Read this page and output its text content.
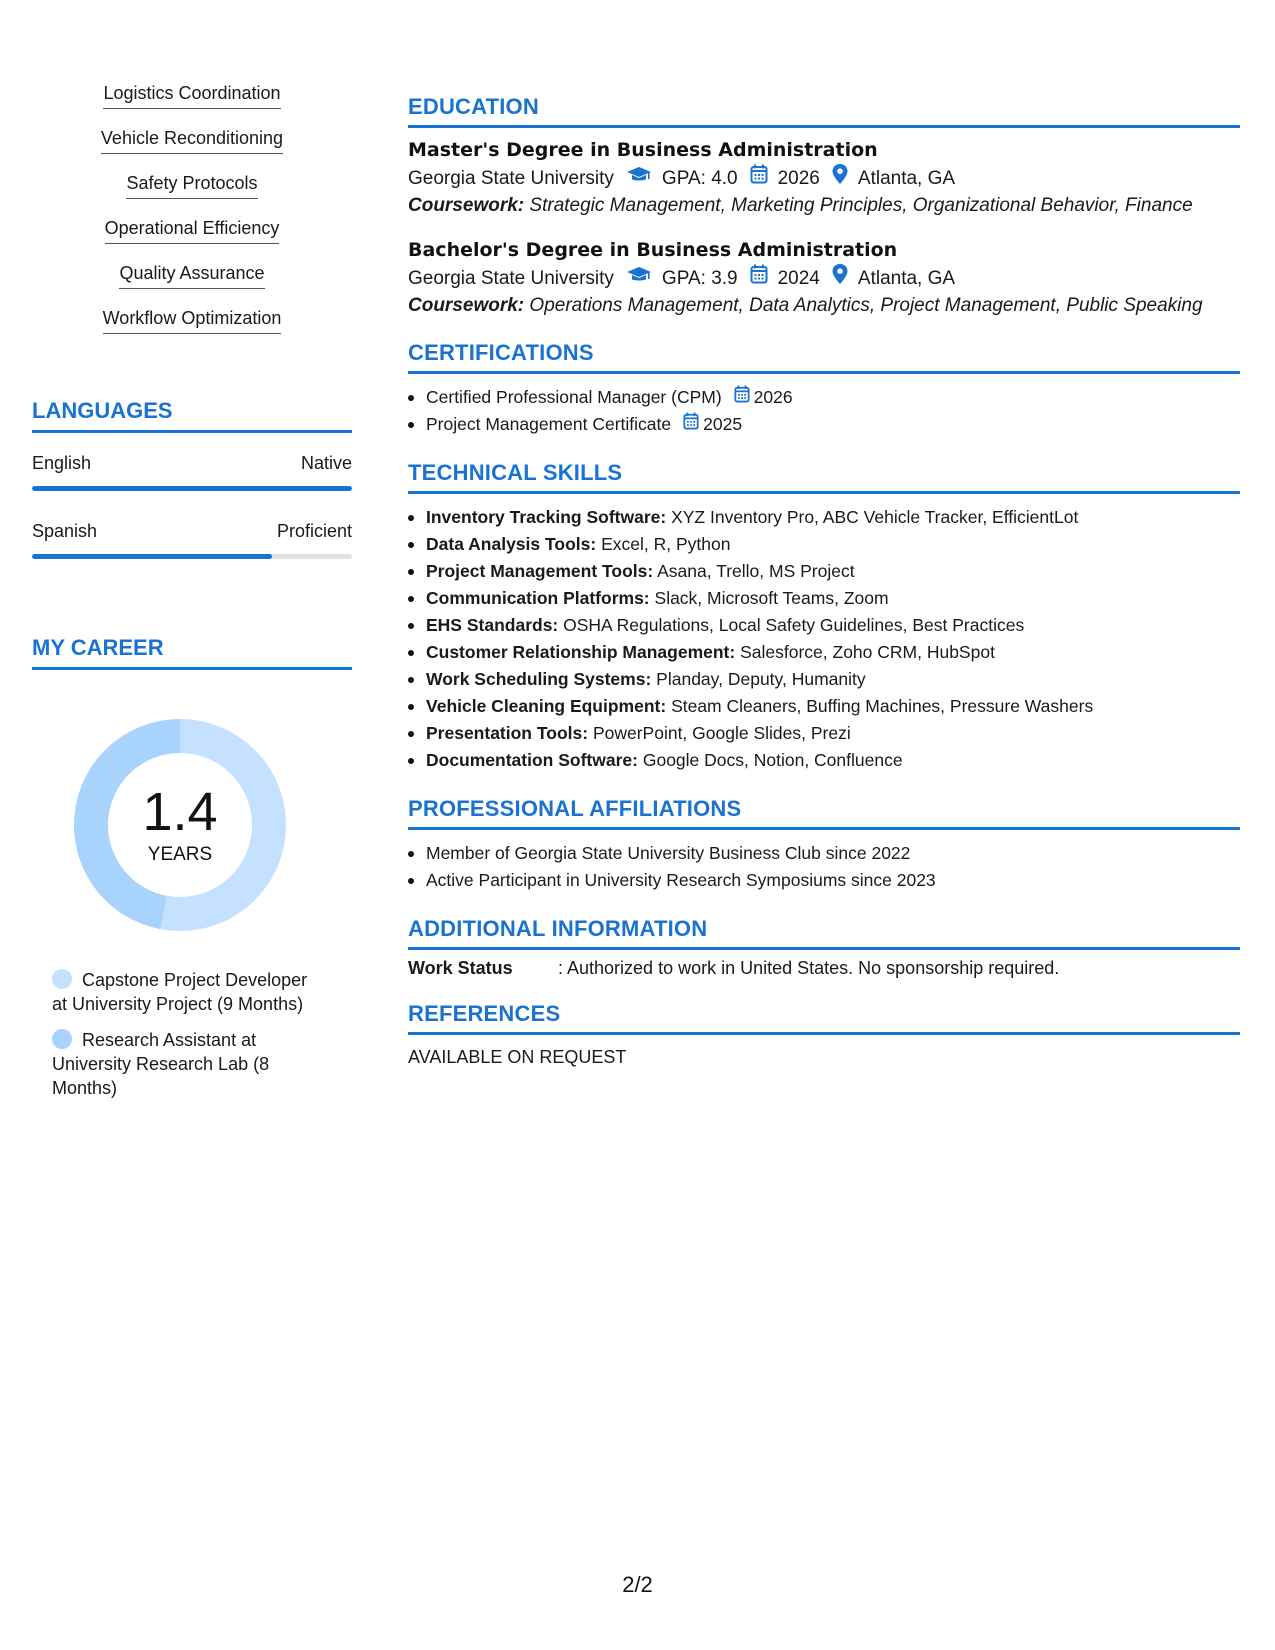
Logistics Coordination
Vehicle Reconditioning
Safety Protocols
Operational Efficiency
Quality Assurance
Workflow Optimization
LANGUAGES
English	Native
Spanish	Proficient
MY CAREER
1.4
YEARS
Capstone Project Developer at University Project (9 Months)
Research Assistant at University Research Lab (8 Months)
EDUCATION
Master's Degree in Business Administration
Georgia State University	GPA: 4.0 2026 Atlanta, GA
Coursework: Strategic Management, Marketing Principles, Organizational Behavior, Finance
Bachelor's Degree in Business Administration
Georgia State University	GPA: 3.9 2024 Atlanta, GA
Coursework: Operations Management, Data Analytics, Project Management, Public Speaking
CERTIFICATIONS
Certified Professional Manager (CPM) 2026
Project Management Certificate 2025
TECHNICAL SKILLS
Inventory Tracking Software: XYZ Inventory Pro, ABC Vehicle Tracker, EfficientLot
Data Analysis Tools: Excel, R, Python
Project Management Tools: Asana, Trello, MS Project
Communication Platforms: Slack, Microsoft Teams, Zoom
EHS Standards: OSHA Regulations, Local Safety Guidelines, Best Practices
Customer Relationship Management: Salesforce, Zoho CRM, HubSpot
Work Scheduling Systems: Planday, Deputy, Humanity
Vehicle Cleaning Equipment: Steam Cleaners, Buffing Machines, Pressure Washers
Presentation Tools: PowerPoint, Google Slides, Prezi
Documentation Software: Google Docs, Notion, Confluence
PROFESSIONAL AFFILIATIONS
Member of Georgia State University Business Club since 2022
Active Participant in University Research Symposiums since 2023
ADDITIONAL INFORMATION
Work Status	: Authorized to work in United States. No sponsorship required.
REFERENCES
AVAILABLE ON REQUEST
2/2
